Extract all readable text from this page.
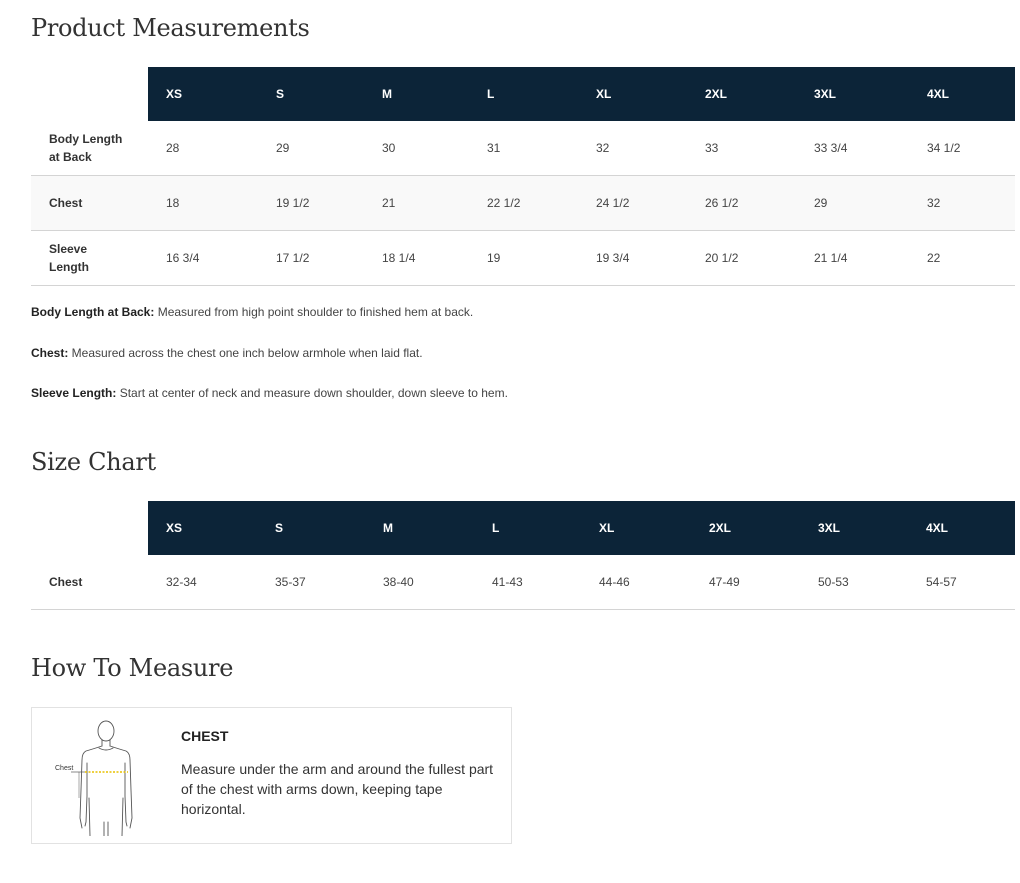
Product Measurements
	XS	S	M	L	XL	2XL	3XL	4XL
Body Length
at Back	28	29	30	31	32	33	33 3/4	34 1/2
Chest	18	19 1/2	21	22 1/2	24 1/2	26 1/2	29	32
Sleeve
Length	16 3/4	17 1/2	18 1/4	19	19 3/4	20 1/2	21 1/4	22

Body Length at Back: Measured from high point shoulder to finished hem at back.

Chest: Measured across the chest one inch below armhole when laid flat.

Sleeve Length: Start at center of neck and measure down shoulder, down sleeve to hem.

Size Chart
	XS	S	M	L	XL	2XL	3XL	4XL
Chest	32-34	35-37	38-40	41-43	44-46	47-49	50-53	54-57
How To Measure
Chest
CHEST
Measure under the arm and around the fullest part of the chest with arms down, keeping tape horizontal.
